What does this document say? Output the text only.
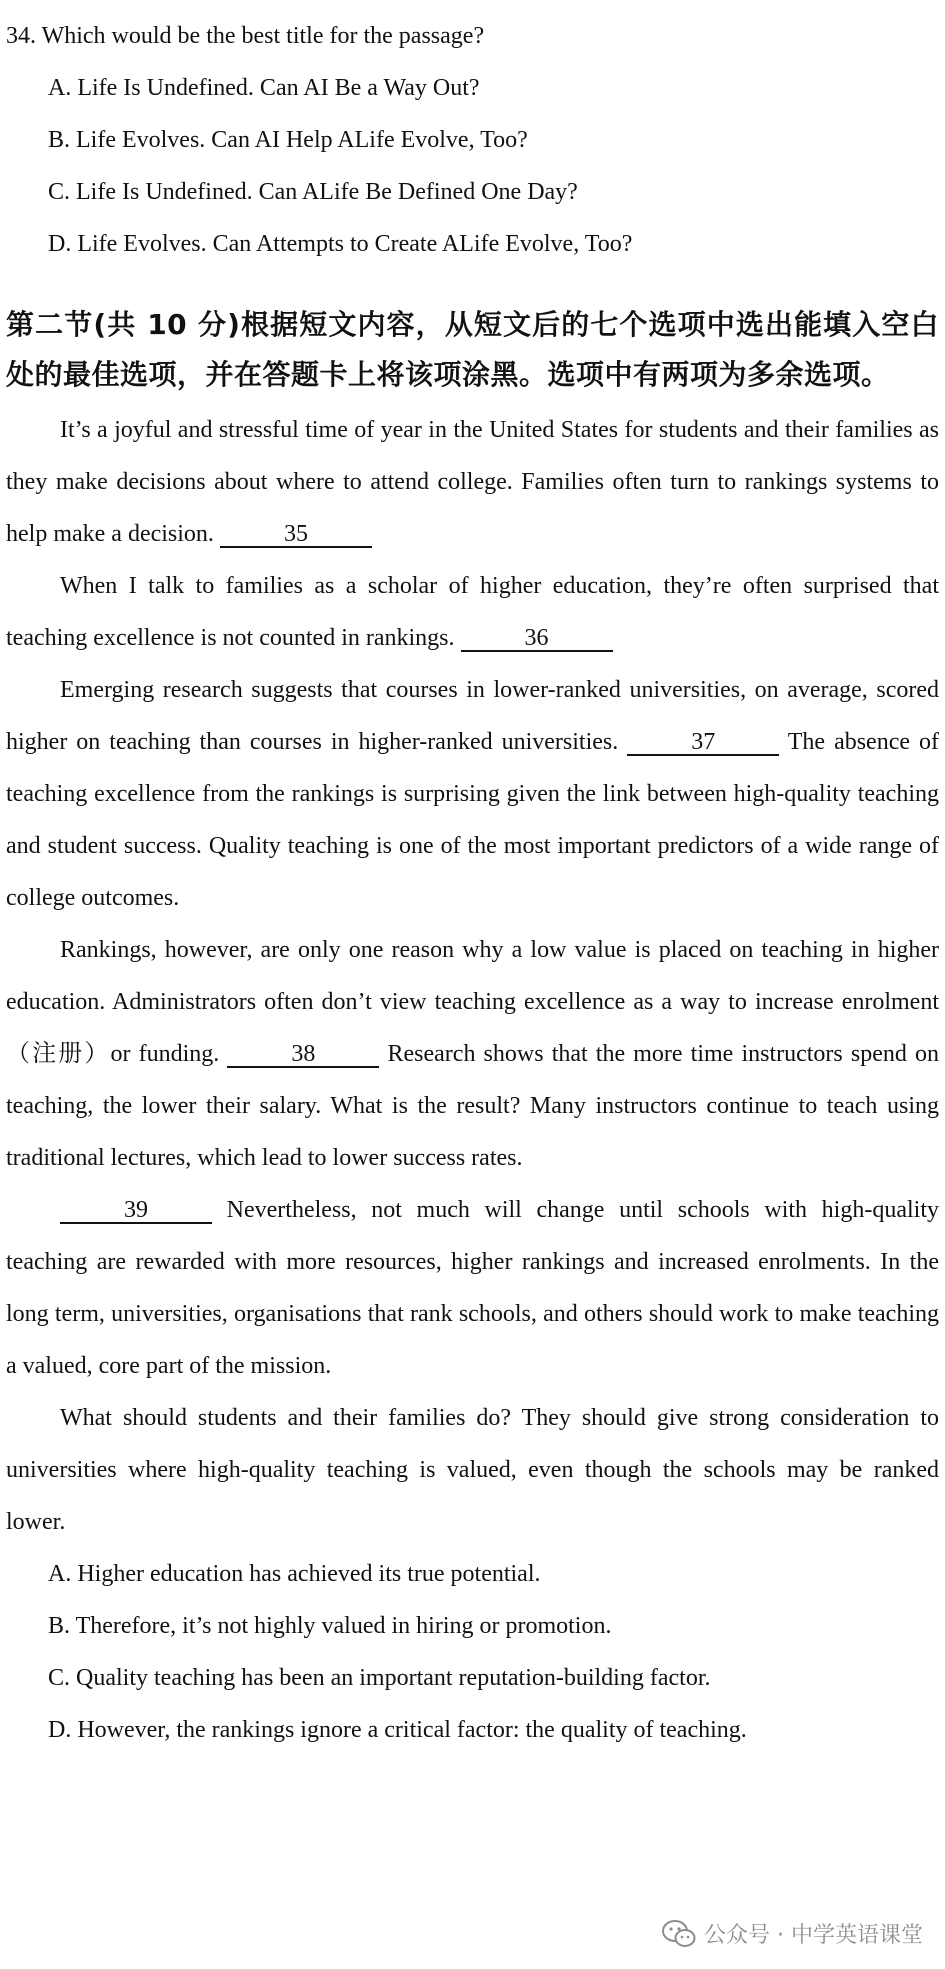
34. Which would be the best title for the passage?

A. Life Is Undefined. Can AI Be a Way Out?

B. Life Evolves. Can AI Help ALife Evolve, Too?

C. Life Is Undefined. Can ALife Be Defined One Day?

D. Life Evolves. Can Attempts to Create ALife Evolve, Too?

第二节(共 10 分)根据短文内容，从短文后的七个选项中选出能填入空白处的最佳选项，并在答题卡上将该项涂黑。选项中有两项为多余选项。

It’s a joyful and stressful time of year in the United States for students and their families as they make decisions about where to attend college. Families often turn to rankings systems to help make a decision.	35

When I talk to families as a scholar of higher education, they’re often surprised that teaching excellence is not counted in rankings.	36

Emerging research suggests that courses in lower-ranked universities, on average, scored higher on teaching than courses in higher-ranked universities.	37	The absence of teaching excellence from the rankings is surprising given the link between high-quality teaching and student success. Quality teaching is one of the most important predictors of a wide range of college outcomes.

Rankings, however, are only one reason why a low value is placed on teaching in higher education. Administrators often don’t view teaching excellence as a way to increase enrolment（注册）or funding.	38	Research shows that the more time instructors spend on teaching, the lower their salary. What is the result? Many instructors continue to teach using traditional lectures, which lead to lower success rates.

39	Nevertheless, not much will change until schools with high-quality teaching are rewarded with more resources, higher rankings and increased enrolments. In the long term, universities, organisations that rank schools, and others should work to make teaching a valued, core part of the mission.

What should students and their families do? They should give strong consideration to universities where high-quality teaching is valued, even though the schools may be ranked lower.

A. Higher education has achieved its true potential.

B. Therefore, it’s not highly valued in hiring or promotion.

C. Quality teaching has been an important reputation-building factor.

D. However, the rankings ignore a critical factor: the quality of teaching.

公众号 · 中学英语课堂
